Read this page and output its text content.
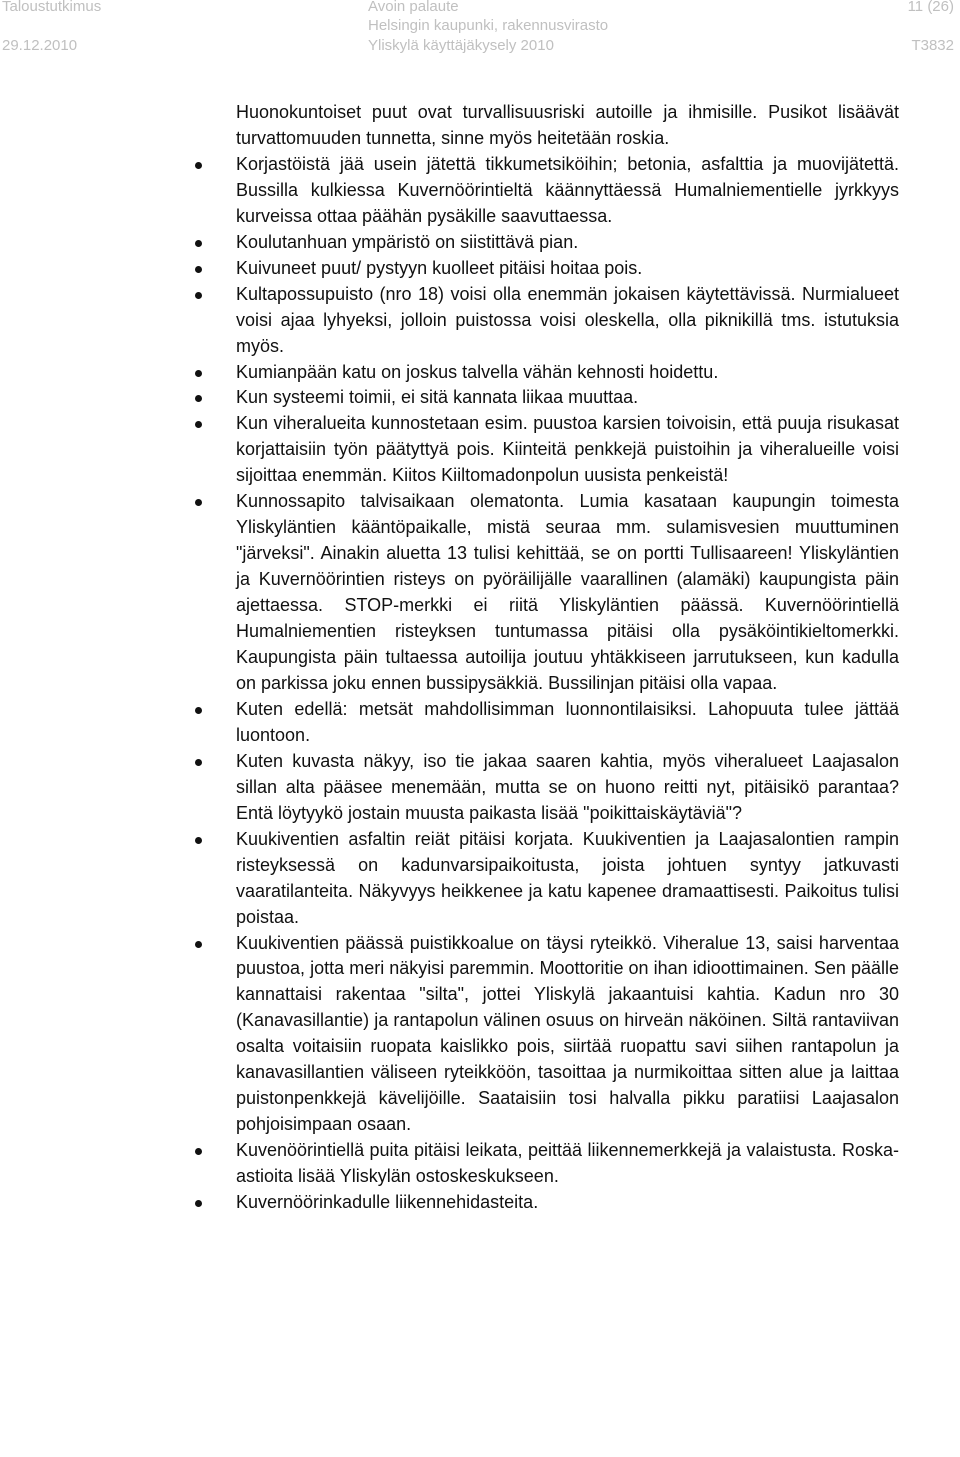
Taloustutkimus	Avoin palaute	11 (26)
Helsingin kaupunki, rakennusvirasto
29.12.2010	Yliskylä käyttäjäkysely 2010	T3832

Huonokuntoiset puut ovat turvallisuusriski autoille ja ihmisille. Pusikot lisäävät turvattomuuden tunnetta, sinne myös heitetään roskia.

Korjastöistä jää usein jätettä tikkumetsiköihin; betonia, asfalttia ja muovijätettä. Bussilla kulkiessa Kuvernöörintieltä käännyttäessä Humalniementielle jyrkkyys kurveissa ottaa päähän pysäkille saavuttaessa.
Koulutanhuan ympäristö on siistittävä pian.
Kuivuneet puut/ pystyyn kuolleet pitäisi hoitaa pois.
Kultapossupuisto (nro 18) voisi olla enemmän jokaisen käytettävissä. Nurmialueet voisi ajaa lyhyeksi, jolloin puistossa voisi oleskella, olla piknikillä tms. istutuksia myös.
Kumianpään katu on joskus talvella vähän kehnosti hoidettu.
Kun systeemi toimii, ei sitä kannata liikaa muuttaa.
Kun viheralueita kunnostetaan esim. puustoa karsien toivoisin, että puuja risukasat korjattaisiin työn päätyttyä pois. Kiinteitä penkkejä puistoihin ja viheralueille voisi sijoittaa enemmän. Kiitos Kiiltomadonpolun uusista penkeistä!
Kunnossapito talvisaikaan olematonta. Lumia kasataan kaupungin toimesta Yliskyläntien kääntöpaikalle, mistä seuraa mm. sulamisvesien muuttuminen "järveksi". Ainakin aluetta 13 tulisi kehittää, se on portti Tullisaareen! Yliskyläntien ja Kuvernöörintien risteys on pyöräilijälle vaarallinen (alamäki) kaupungista päin ajettaessa. STOP-merkki ei riitä Yliskyläntien päässä. Kuvernöörintiellä Humalniementien risteyksen tuntumassa pitäisi olla pysäköintikieltomerkki. Kaupungista päin tultaessa autoilija joutuu yhtäkkiseen jarrutukseen, kun kadulla on parkissa joku ennen bussipysäkkiä. Bussilinjan pitäisi olla vapaa.
Kuten edellä: metsät mahdollisimman luonnontilaisiksi. Lahopuuta tulee jättää luontoon.
Kuten kuvasta näkyy, iso tie jakaa saaren kahtia, myös viheralueet Laajasalon sillan alta pääsee menemään, mutta se on huono reitti nyt, pitäisikö parantaa? Entä löytyykö jostain muusta paikasta lisää "poikittaiskäytäviä"?
Kuukiventien asfaltin reiät pitäisi korjata. Kuukiventien ja Laajasalontien rampin risteyksessä on kadunvarsipaikoitusta, joista johtuen syntyy jatkuvasti vaaratilanteita. Näkyvyys heikkenee ja katu kapenee dramaattisesti. Paikoitus tulisi poistaa.
Kuukiventien päässä puistikkoalue on täysi ryteikkö. Viheralue 13, saisi harventaa puustoa, jotta meri näkyisi paremmin. Moottoritie on ihan idioottimainen. Sen päälle kannattaisi rakentaa "silta", jottei Yliskylä jakaantuisi kahtia. Kadun nro 30 (Kanavasillantie) ja rantapolun välinen osuus on hirveän näköinen. Siltä rantaviivan osalta voitaisiin ruopata kaislikko pois, siirtää ruopattu savi siihen rantapolun ja kanavasillantien väliseen ryteikköön, tasoittaa ja nurmikoittaa sitten alue ja laittaa puistonpenkkejä kävelijöille. Saataisiin tosi halvalla pikku paratiisi Laajasalon pohjoisimpaan osaan.
Kuvenöörintiellä puita pitäisi leikata, peittää liikennemerkkejä ja valaistusta. Roska-astioita lisää Yliskylän ostoskeskukseen.
Kuvernöörinkadulle liikennehidasteita.
